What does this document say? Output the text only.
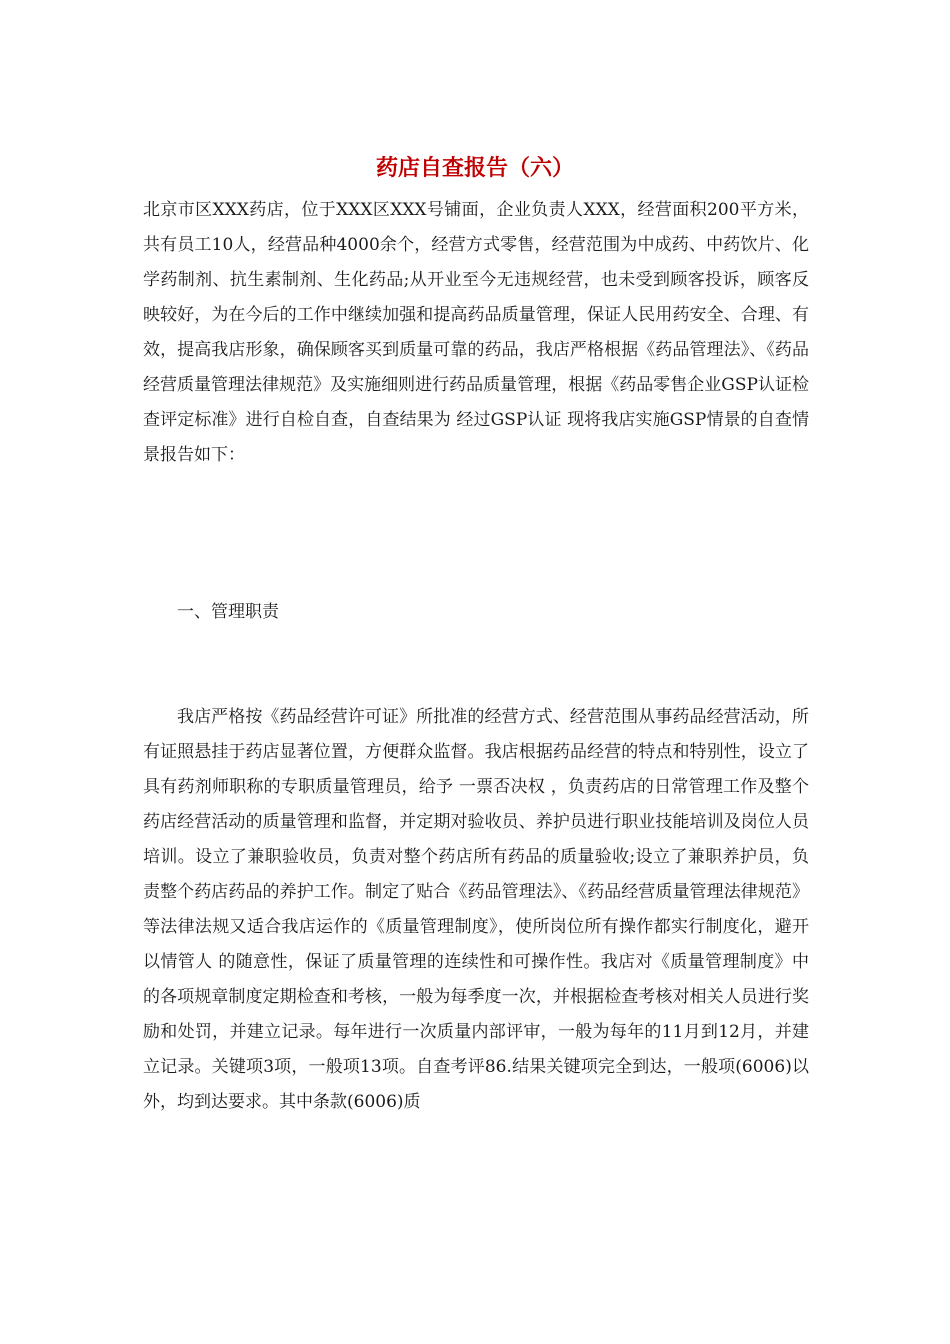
药店自查报告（六）

北京市区XXX药店，位于XXX区XXX号铺面，企业负责人XXX，经营面积200平方米，共有员工10人，经营品种4000余个，经营方式零售，经营范围为中成药、中药饮片、化学药制剂、抗生素制剂、生化药品;从开业至今无违规经营，也未受到顾客投诉，顾客反映较好，为在今后的工作中继续加强和提高药品质量管理，保证人民用药安全、合理、有效，提高我店形象，确保顾客买到质量可靠的药品，我店严格根据《药品管理法》、《药品经营质量管理法律规范》及实施细则进行药品质量管理，根据《药品零售企业GSP认证检查评定标准》进行自检自查，自查结果为 经过GSP认证 现将我店实施GSP情景的自查情景报告如下：

一、管理职责

我店严格按《药品经营许可证》所批准的经营方式、经营范围从事药品经营活动，所有证照悬挂于药店显著位置，方便群众监督。我店根据药品经营的特点和特别性，设立了具有药剂师职称的专职质量管理员，给予 一票否决权 ，负责药店的日常管理工作及整个药店经营活动的质量管理和监督，并定期对验收员、养护员进行职业技能培训及岗位人员培训。设立了兼职验收员，负责对整个药店所有药品的质量验收;设立了兼职养护员，负责整个药店药品的养护工作。制定了贴合《药品管理法》、《药品经营质量管理法律规范》等法律法规又适合我店运作的《质量管理制度》，使所岗位所有操作都实行制度化，避开以情管人 的随意性，保证了质量管理的连续性和可操作性。我店对《质量管理制度》中的各项规章制度定期检查和考核，一般为每季度一次，并根据检查考核对相关人员进行奖励和处罚，并建立记录。每年进行一次质量内部评审，一般为每年的11月到12月，并建立记录。关键项3项，一般项13项。自查考评86.结果关键项完全到达，一般项(6006)以外，均到达要求。其中条款(6006)质
